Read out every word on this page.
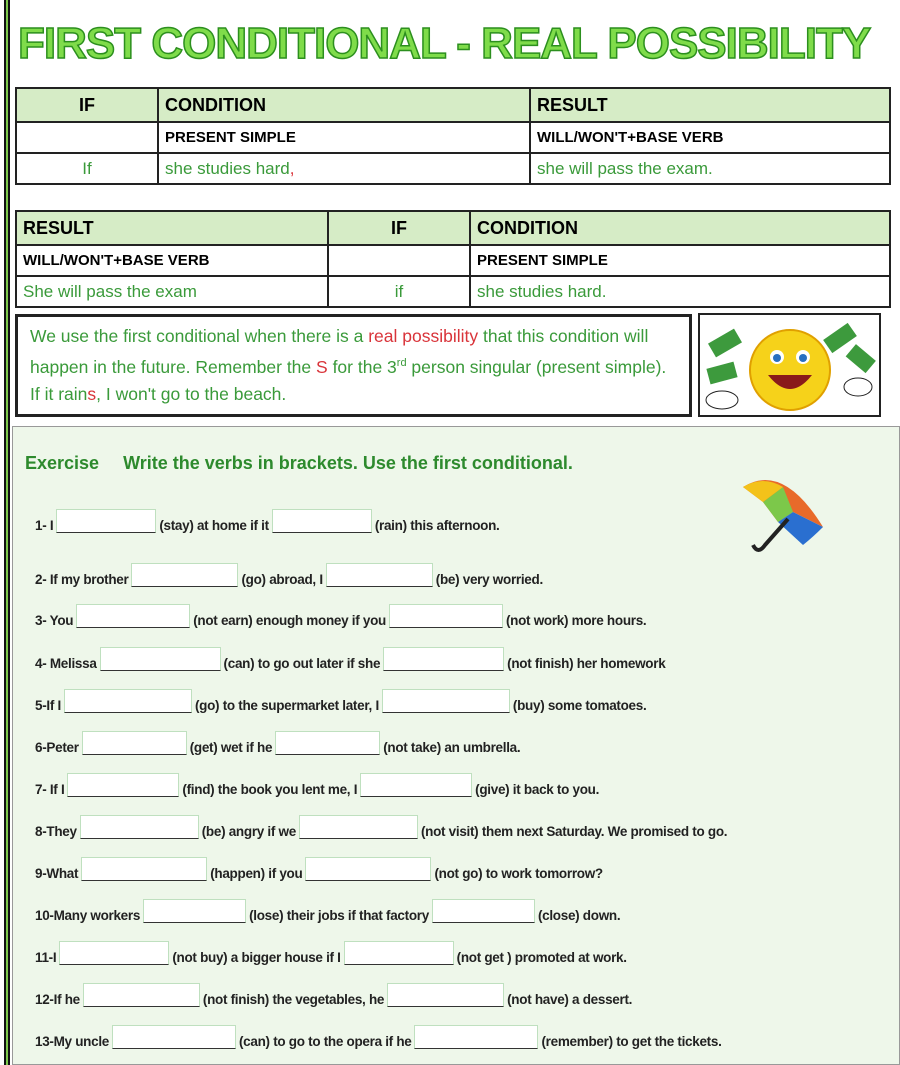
FIRST CONDITIONAL - REAL POSSIBILITY
IF	CONDITION	RESULT
	PRESENT SIMPLE	WILL/WON'T+BASE VERB
If	she studies hard,	she will pass the exam.
RESULT	IF	CONDITION
WILL/WON'T+BASE VERB		PRESENT SIMPLE
She will pass the exam	if	she studies hard.
We use the first conditional when there is a real possibility that this condition will happen in the future. Remember the S for the 3rd person singular (present simple). If it rains, I won't go to the beach.
Exercise Write the verbs in brackets. Use the first conditional.
1- I	(stay) at home if it	(rain) this afternoon.
2- If my brother	(go) abroad, I	(be) very worried.
3- You	(not earn) enough money if you	(not work) more hours.
4- Melissa	(can) to go out later if she	(not finish) her homework
5-If I	(go) to the supermarket later, I	(buy) some tomatoes.
6-Peter	(get) wet if he	(not take) an umbrella.
7- If I	(find) the book you lent me, I	(give) it back to you.
8-They	(be) angry if we	(not visit) them next Saturday. We promised to go.
9-What	(happen) if you	(not go) to work tomorrow?
10-Many workers	(lose) their jobs if that factory	(close) down.
11-I	(not buy) a bigger house if I	(not get ) promoted at work.
12-If he	(not finish) the vegetables, he	(not have) a dessert.
13-My uncle	(can) to go to the opera if he	(remember) to get the tickets.
